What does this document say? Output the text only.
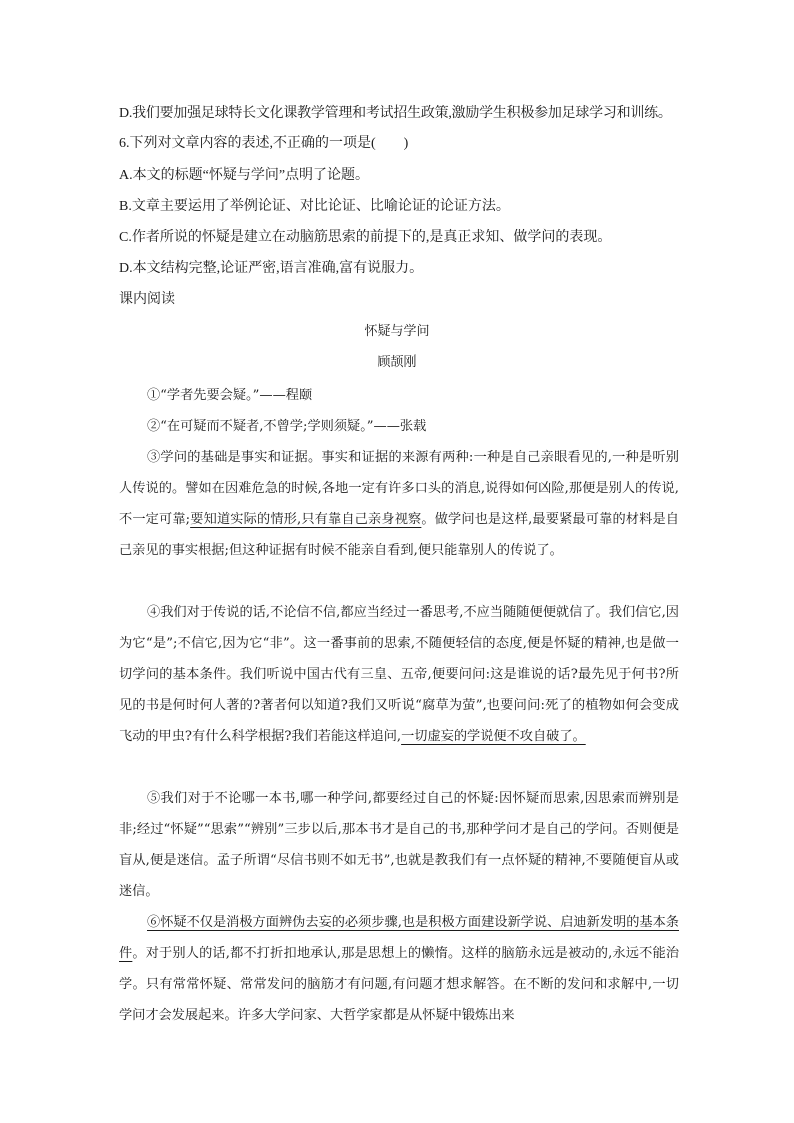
D.我们要加强足球特长文化课教学管理和考试招生政策,激励学生积极参加足球学习和训练。
6.下列对文章内容的表述,不正确的一项是(　　)
A.本文的标题“怀疑与学问”点明了论题。
B.文章主要运用了举例论证、对比论证、比喻论证的论证方法。
C.作者所说的怀疑是建立在动脑筋思索的前提下的,是真正求知、做学问的表现。
D.本文结构完整,论证严密,语言准确,富有说服力。
课内阅读
怀疑与学问
顾颉刚
①“学者先要会疑。”——程颐
②“在可疑而不疑者,不曾学;学则须疑。”——张载
③学问的基础是事实和证据。事实和证据的来源有两种:一种是自己亲眼看见的,一种是听别人传说的。譬如在因难危急的时候,各地一定有许多口头的消息,说得如何凶险,那便是别人的传说,不一定可靠;要知道实际的情形,只有靠自己亲身视察。做学问也是这样,最要紧最可靠的材料是自己亲见的事实根据;但这种证据有时候不能亲自看到,便只能靠别人的传说了。
④我们对于传说的话,不论信不信,都应当经过一番思考,不应当随随便便就信了。我们信它,因为它“是”;不信它,因为它“非”。这一番事前的思索,不随便轻信的态度,便是怀疑的精神,也是做一切学问的基本条件。我们听说中国古代有三皇、五帝,便要问问:这是谁说的话?最先见于何书?所见的书是何时何人著的?著者何以知道?我们又听说“腐草为萤”,也要问问:死了的植物如何会变成飞动的甲虫?有什么科学根据?我们若能这样追问,一切虚妄的学说便不攻自破了。
⑤我们对于不论哪一本书,哪一种学问,都要经过自己的怀疑:因怀疑而思索,因思索而辨别是非;经过“怀疑”“思索”“辨别”三步以后,那本书才是自己的书,那种学问才是自己的学问。否则便是盲从,便是迷信。孟子所谓“尽信书则不如无书”,也就是教我们有一点怀疑的精神,不要随便盲从或迷信。
⑥怀疑不仅是消极方面辨伪去妄的必须步骤,也是积极方面建设新学说、启迪新发明的基本条件。对于别人的话,都不打折扣地承认,那是思想上的懒惰。这样的脑筋永远是被动的,永远不能治学。只有常常怀疑、常常发问的脑筋才有问题,有问题才想求解答。在不断的发问和求解中,一切学问才会发展起来。许多大学问家、大哲学家都是从怀疑中锻炼出来
